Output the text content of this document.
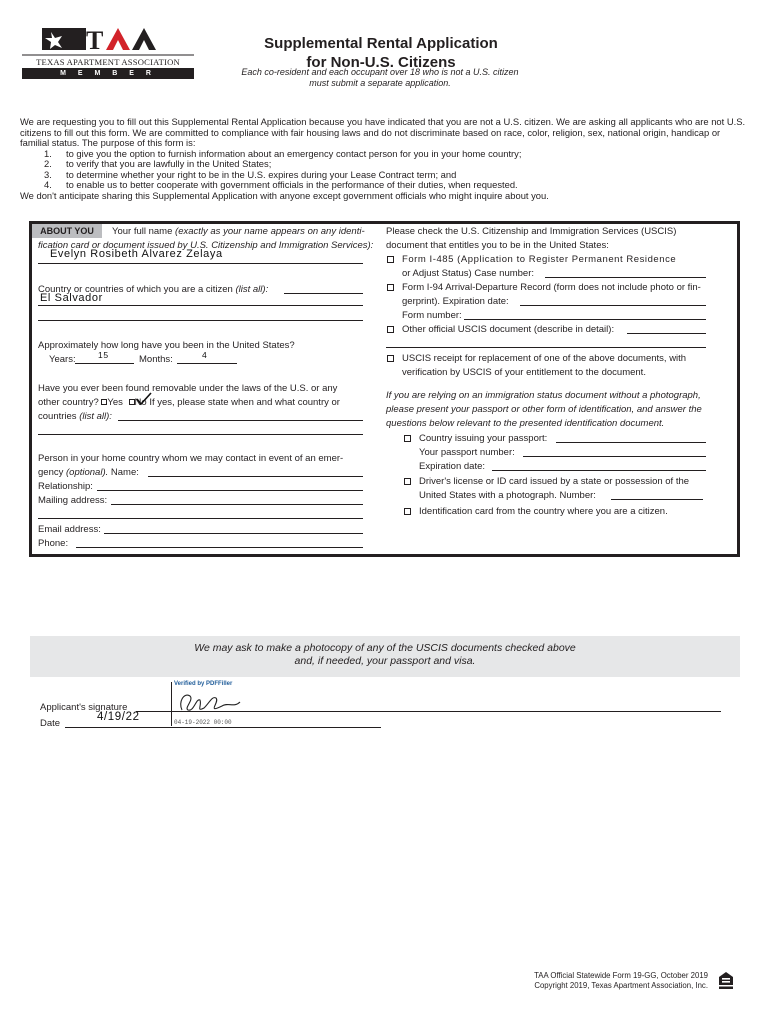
T
TEXAS APARTMENT ASSOCIATION
M E M B E R
Supplemental Rental Application
for Non-U.S. Citizens
Each co-resident and each occupant over 18 who is not a U.S. citizen
must submit a separate application.

We are requesting you to fill out this Supplemental Rental Application because you have indicated that you are not a U.S. citizen. We are asking all applicants who are not U.S. citizens to fill out this form. We are committed to compliance with fair housing laws and do not discriminate based on race, color, religion, sex, national origin, handicap or familial status. The purpose of this form is:

1. to give you the option to furnish information about an emergency contact person for you in your home country;
2. to verify that you are lawfully in the United States;
3. to determine whether your right to be in the U.S. expires during your Lease Contract term; and
4. to enable us to better cooperate with government officials in the performance of their duties, when requested.

We don't anticipate sharing this Supplemental Application with anyone except government officials who might inquire about you.

ABOUT YOU	Your full name (exactly as your name appears on any identi-
fication card or document issued by U.S. Citizenship and Immigration Services):
Evelyn Rosibeth Alvarez Zelaya
Country or countries of which you are a citizen (list all):
El Salvador
Approximately how long have you been in the United States?
Years:	15	Months:	4
Have you ever been found removable under the laws of the U.S. or any
other country? Yes No If yes, please state when and what country or
countries (list all):
Person in your home country whom we may contact in event of an emer-
gency (optional). Name:
Relationship:
Mailing address:
Email address:
Phone:
Please check the U.S. Citizenship and Immigration Services (USCIS)
document that entitles you to be in the United States:
Form I-485 (Application to Register Permanent Residence
or Adjust Status) Case number:
Form I-94 Arrival-Departure Record (form does not include photo or fin-
gerprint). Expiration date:
Form number:
Other official USCIS document (describe in detail):
USCIS receipt for replacement of one of the above documents, with
verification by USCIS of your entitlement to the document.
If you are relying on an immigration status document without a photograph,
please present your passport or other form of identification, and answer the
questions below relevant to the presented identification document.
Country issuing your passport:
Your passport number:
Expiration date:
Driver's license or ID card issued by a state or possession of the
United States with a photograph. Number:
Identification card from the country where you are a citizen.
We may ask to make a photocopy of any of the USCIS documents checked above
and, if needed, your passport and visa.
Verified by PDFFiller
04-19-2022 00:00
Applicant's signature
Date
4/19/22
TAA Official Statewide Form 19-GG, October 2019
Copyright 2019, Texas Apartment Association, Inc.
